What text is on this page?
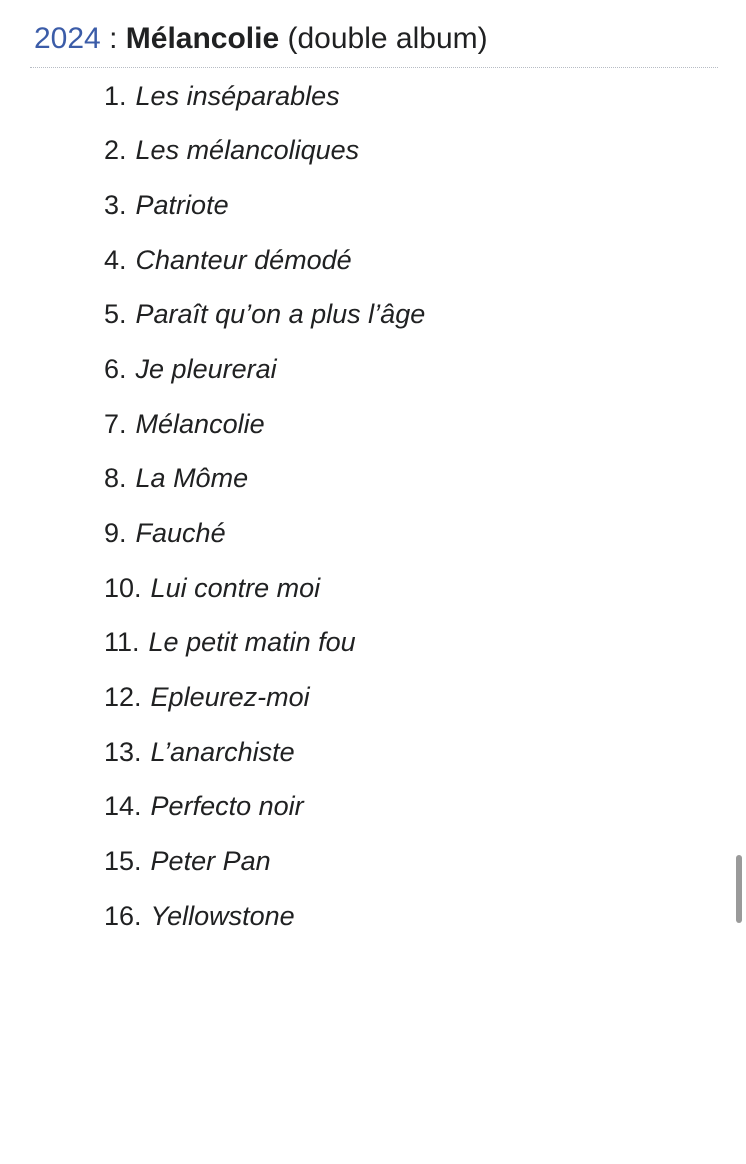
2024 : Mélancolie (double album)
1. Les inséparables
2. Les mélancoliques
3. Patriote
4. Chanteur démodé
5. Paraît qu’on a plus l’âge
6. Je pleurerai
7. Mélancolie
8. La Môme
9. Fauché
10. Lui contre moi
11. Le petit matin fou
12. Epleurez-moi
13. L’anarchiste
14. Perfecto noir
15. Peter Pan
16. Yellowstone
